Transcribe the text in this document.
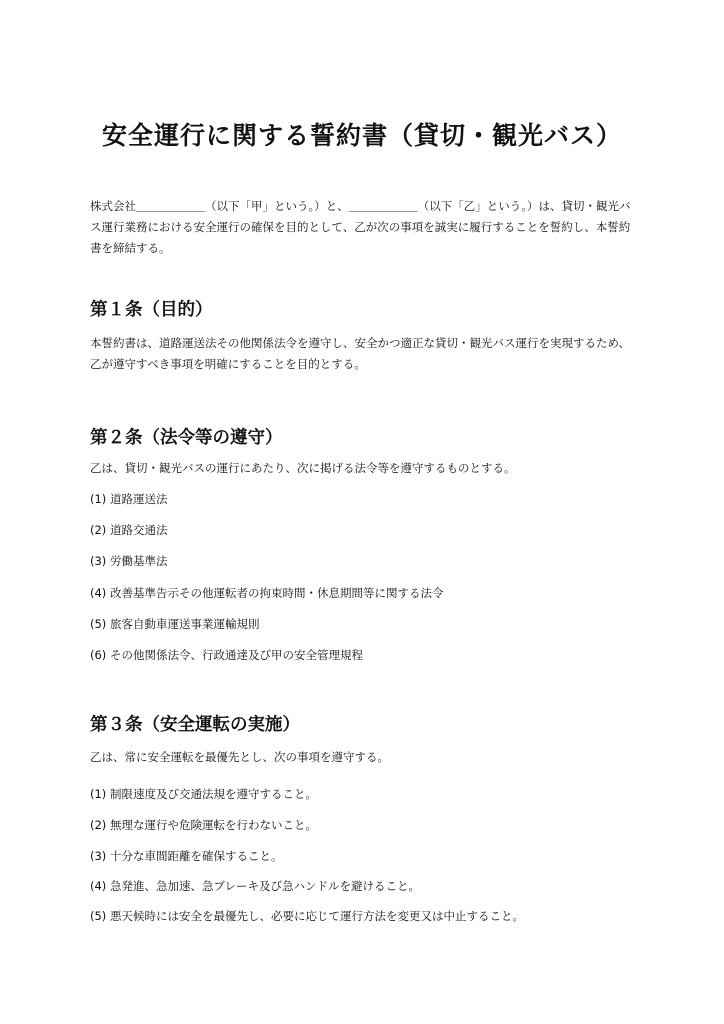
安全運行に関する誓約書（貸切・観光バス）
株式会社＿＿＿＿＿＿（以下「甲」という。）と、＿＿＿＿＿＿（以下「乙」という。）は、貸切・観光バス運行業務における安全運行の確保を目的として、乙が次の事項を誠実に履行することを誓約し、本誓約書を締結する。
第１条（目的）
本誓約書は、道路運送法その他関係法令を遵守し、安全かつ適正な貸切・観光バス運行を実現するため、乙が遵守すべき事項を明確にすることを目的とする。
第２条（法令等の遵守）
乙は、貸切・観光バスの運行にあたり、次に掲げる法令等を遵守するものとする。
(1) 道路運送法
(2) 道路交通法
(3) 労働基準法
(4) 改善基準告示その他運転者の拘束時間・休息期間等に関する法令
(5) 旅客自動車運送事業運輸規則
(6) その他関係法令、行政通達及び甲の安全管理規程
第３条（安全運転の実施）
乙は、常に安全運転を最優先とし、次の事項を遵守する。
(1) 制限速度及び交通法規を遵守すること。
(2) 無理な運行や危険運転を行わないこと。
(3) 十分な車間距離を確保すること。
(4) 急発進、急加速、急ブレーキ及び急ハンドルを避けること。
(5) 悪天候時には安全を最優先し、必要に応じて運行方法を変更又は中止すること。
